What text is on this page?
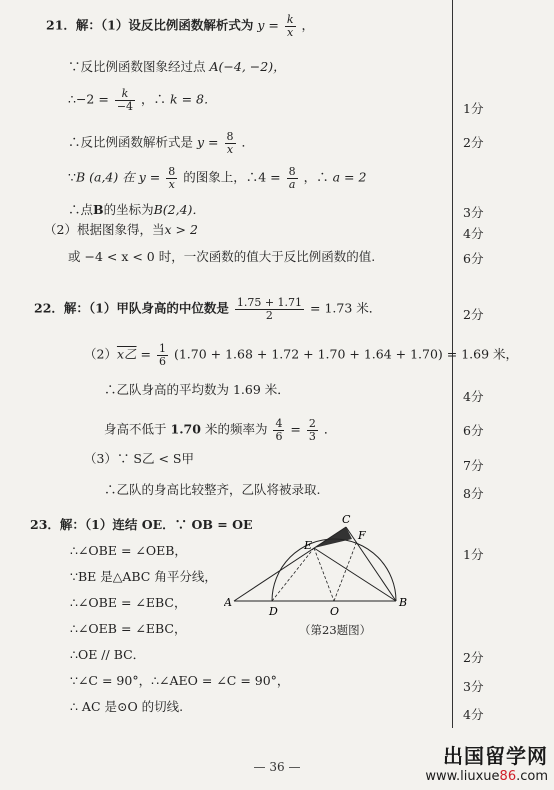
21．解：（1）设反比例函数解析式为 $y = \frac{k}{x}$ ，
∵反比例函数图象经过点 A(−4, −2)，
∴−2 = $\frac{k}{-4}$ ，∴ k = 8．
∴反比例函数解析式是 $y = \frac{8}{x}$ ．
∵B (a,4) 在 $y = \frac{8}{x}$ 的图象上，∴4 = $\frac{8}{a}$ ，∴ a = 2
∴点B的坐标为B(2,4)．
（2）根据图象得，当x > 2
或 −4 < x < 0 时，一次函数的值大于反比例函数的值.
22．解：（1）甲队身高的中位数是 $\frac{1.75 + 1.71}{2} = 1.73$ 米．
（2）x乙 = $\frac{1}{6} (1.70 + 1.68 + 1.72 + 1.70 + 1.64 + 1.70) = 1.69$ 米，
∴乙队身高的平均数为 1.69 米．
身高不低于 1.70 米的频率为 $\frac{4}{6} = \frac{2}{3}$ ．
（3）∵ S乙 < S甲
∴乙队的身高比较整齐，乙队将被录取.
23．解：（1）连结 OE．∵ OB = OE
∴∠OBE = ∠OEB，
∵BE 是△ABC 角平分线，
∴∠OBE = ∠EBC，
∴∠OEB = ∠EBC，
∴OE // BC．
∵∠C = 90°，∴∠AEO = ∠C = 90°，
∴ AC 是⊙O 的切线.
A	B
C
D
E
F
O
（第23题图）
1分
2分
3分
4分
6分
2分
4分
6分
7分
8分
1分
2分
3分
4分
— 36 —	出国留学网
www.liuxue86.com
